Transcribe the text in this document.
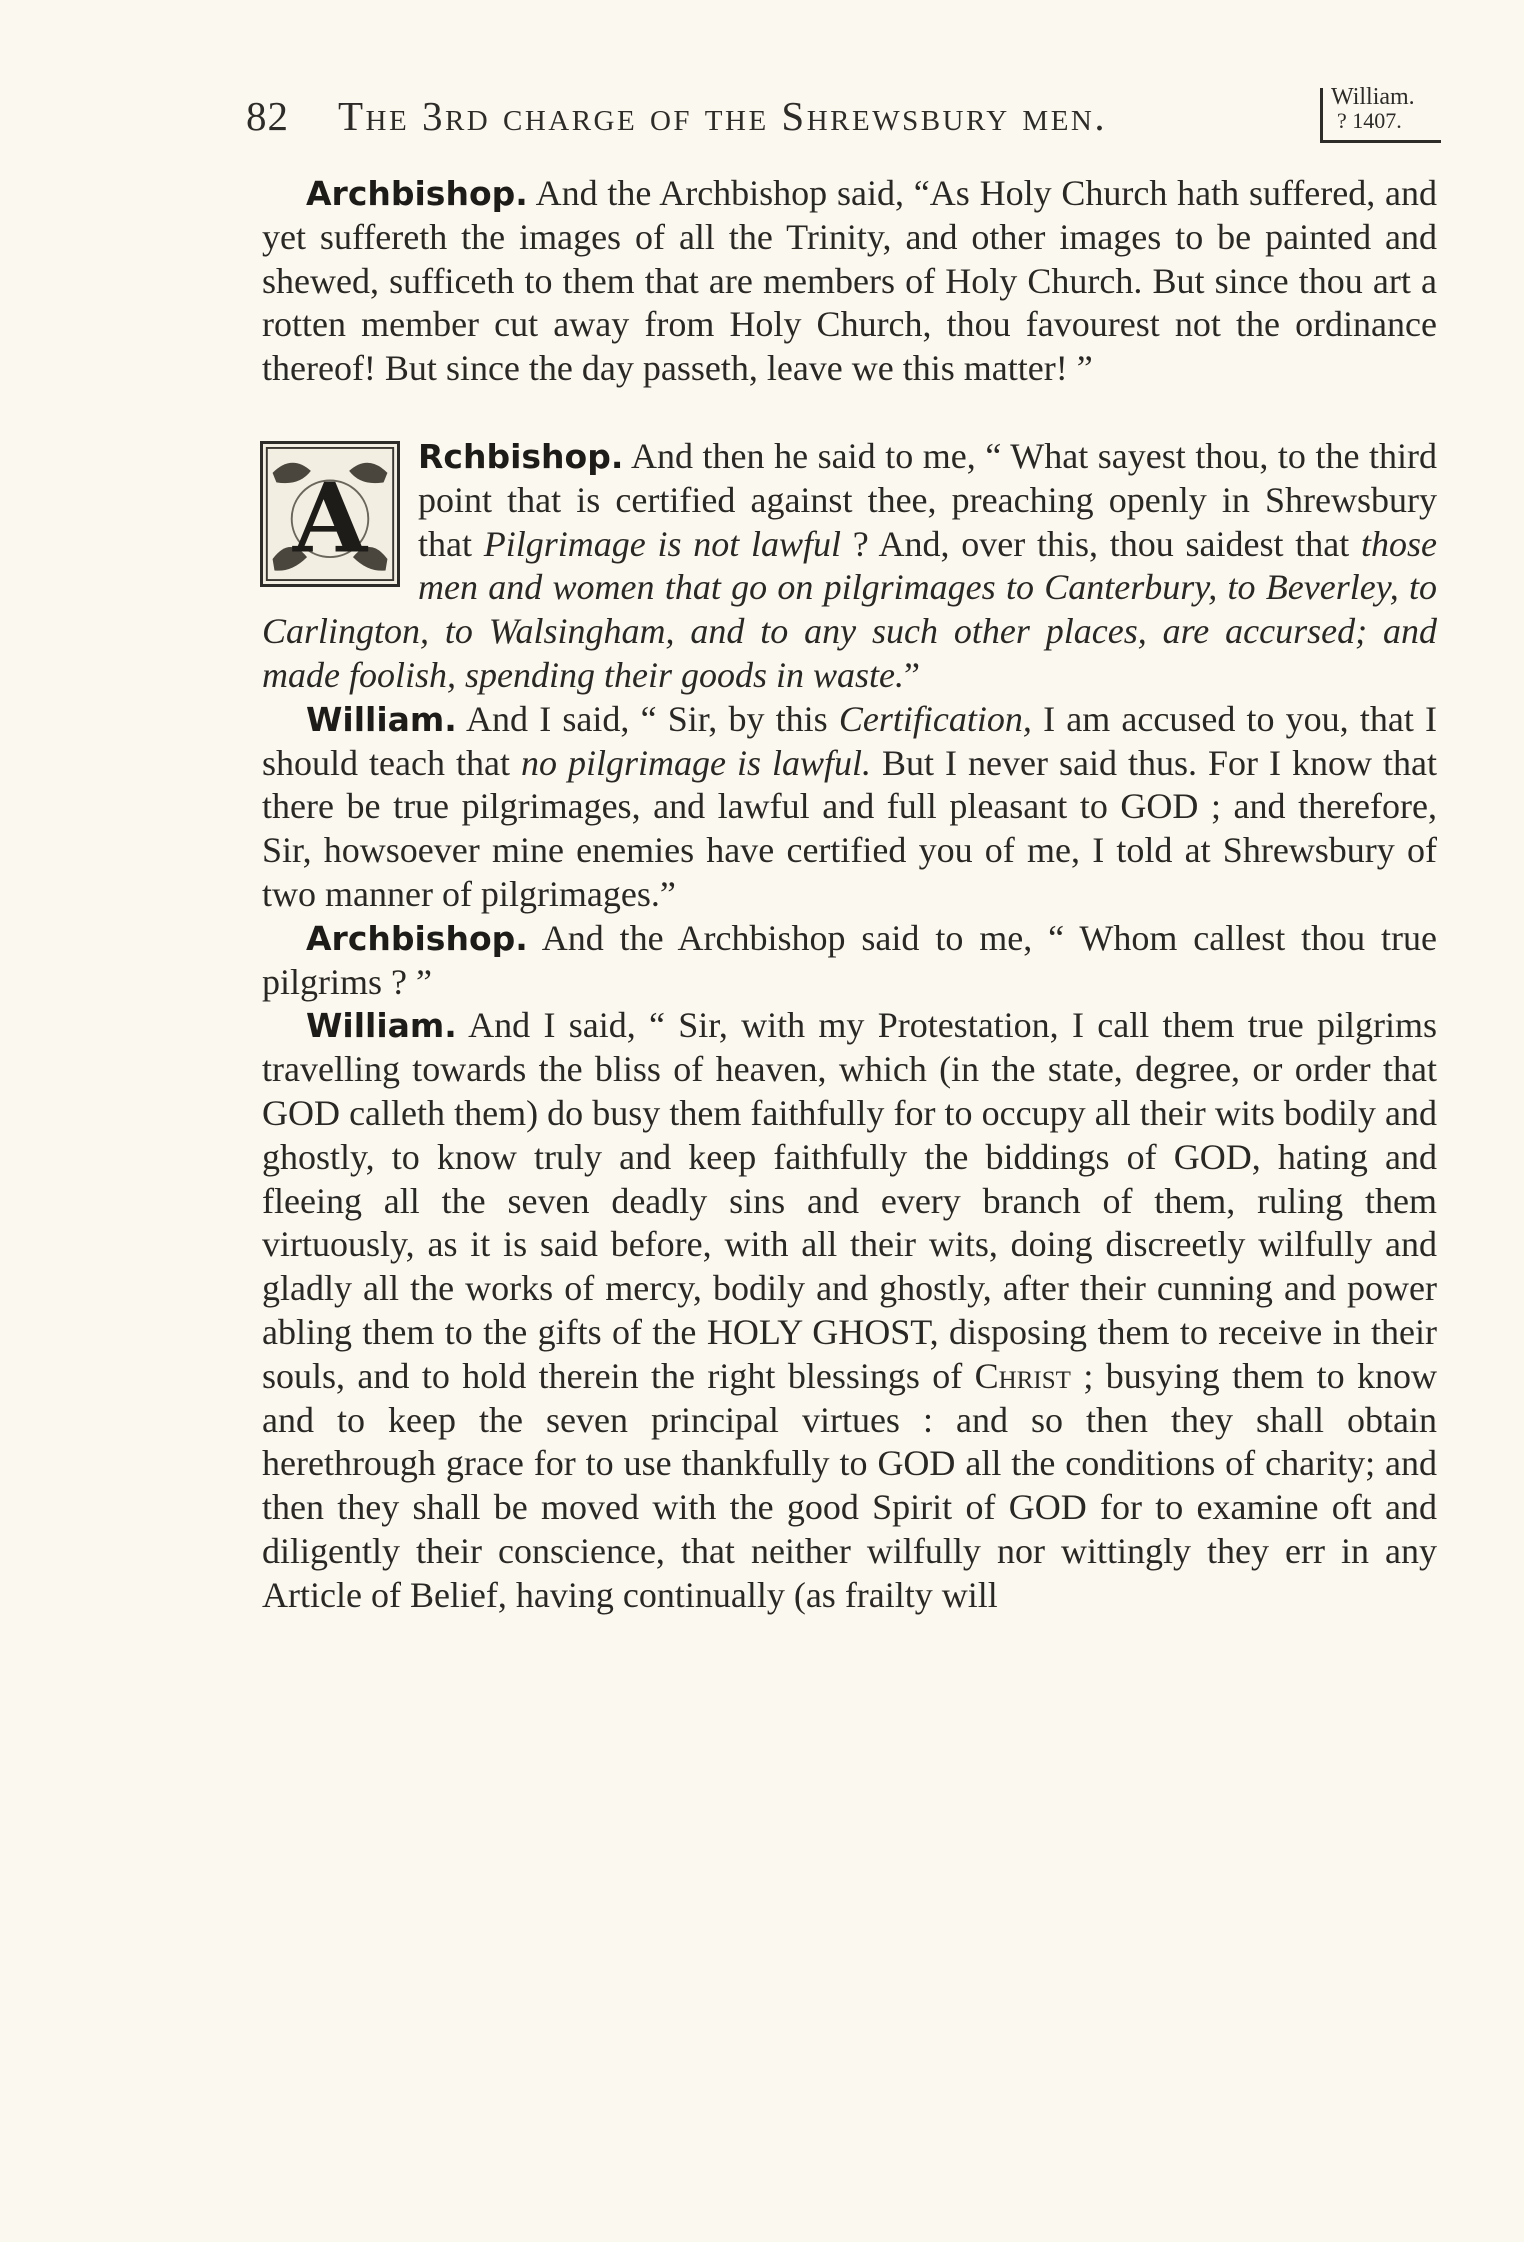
82 The 3rd charge of the Shrewsbury men.	William.
? 1407.

Archbishop. And the Archbishop said, “As Holy Church hath suffered, and yet suffereth the images of all the Trinity, and other images to be painted and shewed, sufficeth to them that are members of Holy Church. But since thou art a rotten member cut away from Holy Church, thou favourest not the ordinance thereof! But since the day passeth, leave we this matter! ”

A
Rchbishop. And then he said to me, “ What sayest thou, to the third point that is certified against thee, preaching openly in Shrewsbury that Pilgrimage is not lawful ? And, over this, thou saidest that those men and women that go on pilgrimages to Canterbury, to Beverley, to Carlington, to Walsingham, and to any such other places, are accursed; and made foolish, spending their goods in waste.”

William. And I said, “ Sir, by this Certification, I am accused to you, that I should teach that no pilgrimage is lawful. But I never said thus. For I know that there be true pilgrimages, and lawful and full pleasant to GOD ; and therefore, Sir, howsoever mine enemies have certified you of me, I told at Shrewsbury of two manner of pilgrimages.”

Archbishop. And the Archbishop said to me, “ Whom callest thou true pilgrims ? ”

William. And I said, “ Sir, with my Protestation, I call them true pilgrims travelling towards the bliss of heaven, which (in the state, degree, or order that GOD calleth them) do busy them faithfully for to occupy all their wits bodily and ghostly, to know truly and keep faithfully the biddings of GOD, hating and fleeing all the seven deadly sins and every branch of them, ruling them virtuously, as it is said before, with all their wits, doing discreetly wilfully and gladly all the works of mercy, bodily and ghostly, after their cunning and power abling them to the gifts of the HOLY GHOST, disposing them to receive in their souls, and to hold therein the right blessings of Christ ; busying them to know and to keep the seven principal virtues : and so then they shall obtain herethrough grace for to use thankfully to GOD all the conditions of charity; and then they shall be moved with the good Spirit of GOD for to examine oft and diligently their conscience, that neither wilfully nor wittingly they err in any Article of Belief, having continually (as frailty will
